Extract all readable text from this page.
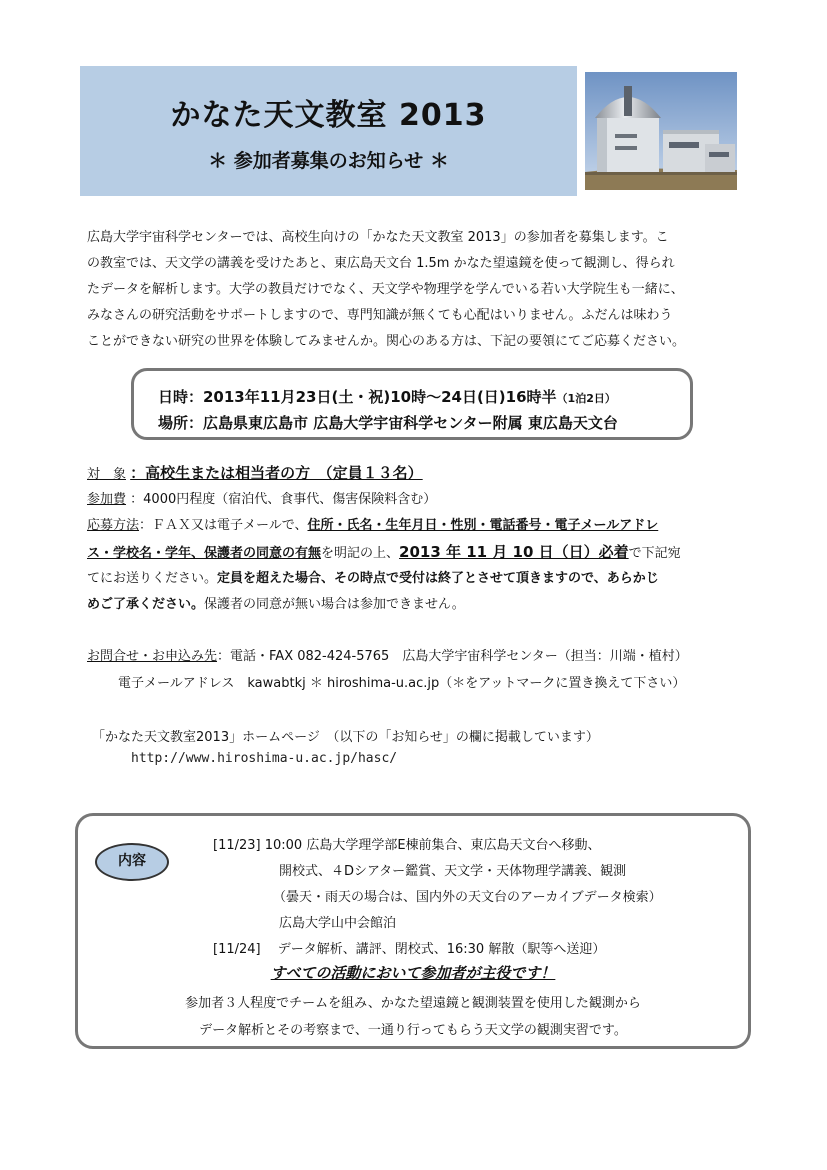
かなた天文教室 2013
＊ 参加者募集のお知らせ ＊
広島大学宇宙科学センターでは、高校生向けの「かなた天文教室 2013」の参加者を募集します。こ
の教室では、天文学の講義を受けたあと、東広島天文台 1.5m かなた望遠鏡を使って観測し、得られ
たデータを解析します。大学の教員だけでなく、天文学や物理学を学んでいる若い大学院生も一緒に、
みなさんの研究活動をサポートしますので、専門知識が無くても心配はいりません。ふだんは味わう
ことができない研究の世界を体験してみませんか。関心のある方は、下記の要領にてご応募ください。
日時：2013年11月23日(土・祝)10時〜24日(日)16時半（1泊2日）
場所：広島県東広島市 広島大学宇宙科学センター附属 東広島天文台
対　象 ：高校生または相当者の方　（定員１３名）
参加費 ：4000円程度（宿泊代、食事代、傷害保険料含む）
応募方法：ＦＡＸ又は電子メールで、住所・氏名・生年月日・性別・電話番号・電子メールアドレ
ス・学校名・学年、保護者の同意の有無を明記の上、2013 年 11 月 10 日（日）必着で下記宛
てにお送りください。定員を超えた場合、その時点で受付は終了とさせて頂きますので、あらかじ
めご了承ください。保護者の同意が無い場合は参加できません。
お問合せ・お申込み先：電話・FAX 082-424-5765　広島大学宇宙科学センター（担当：川端・植村）
電子メールアドレス　kawabtkj ＊ hiroshima-u.ac.jp（＊をアットマークに置き換えて下さい）
「かなた天文教室2013」ホームページ　（以下の「お知らせ」の欄に掲載しています）
http://www.hiroshima-u.ac.jp/hasc/
内容
[11/23] 10:00 広島大学理学部E棟前集合、東広島天文台へ移動、
開校式、４Dシアター鑑賞、天文学・天体物理学講義、観測
（曇天・雨天の場合は、国内外の天文台のアーカイブデータ検索）
広島大学山中会館泊
[11/24]　 データ解析、講評、閉校式、16:30 解散（駅等へ送迎）
すべての活動において参加者が主役です！
参加者３人程度でチームを組み、かなた望遠鏡と観測装置を使用した観測から
データ解析とその考察まで、一通り行ってもらう天文学の観測実習です。
